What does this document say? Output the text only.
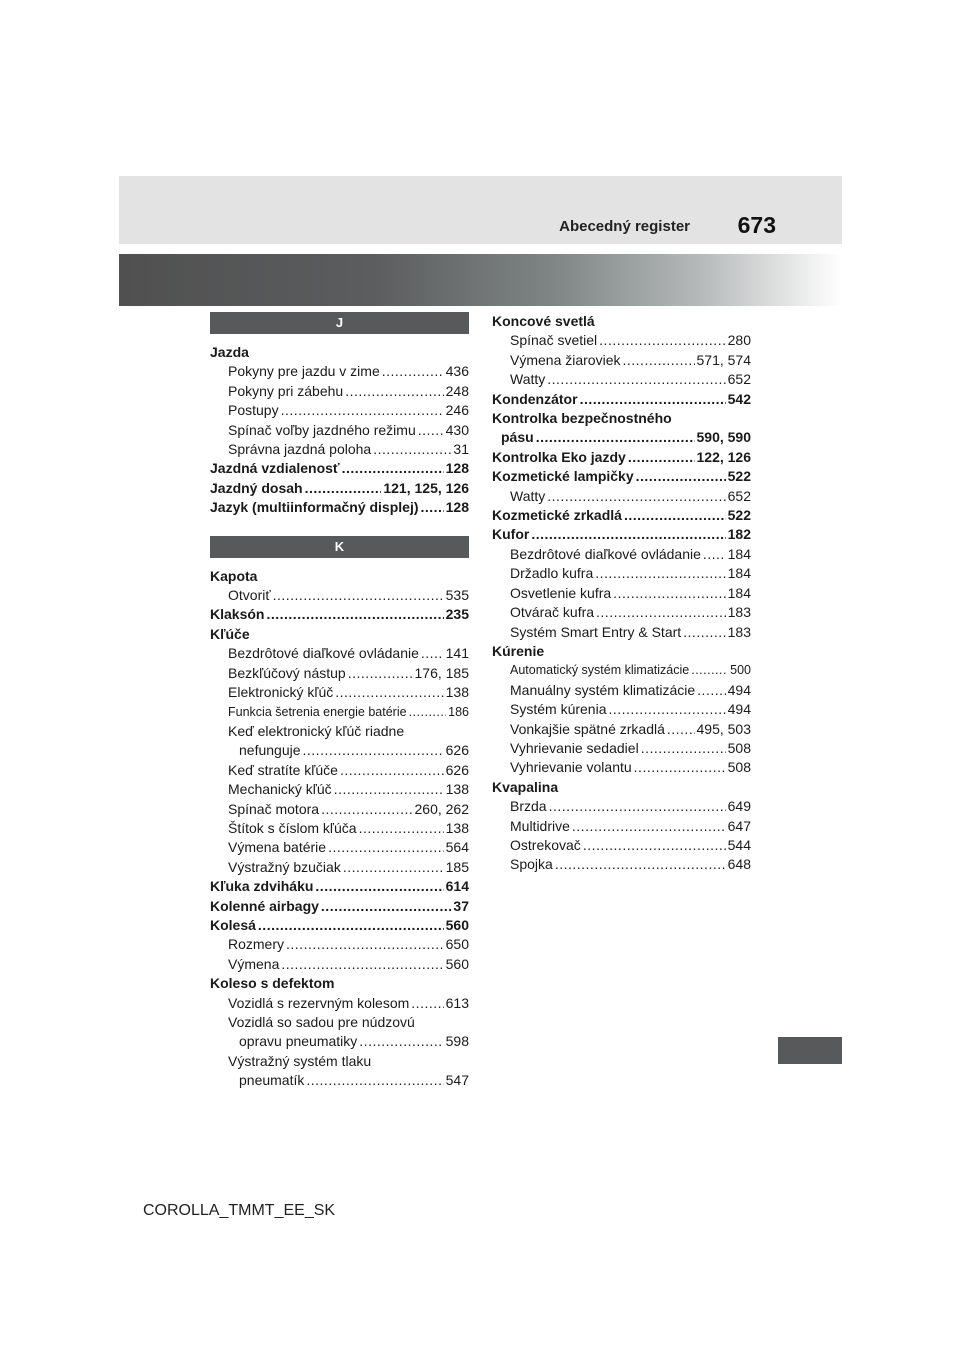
Abecedný register 673
J
Jazda
Pokyny pre jazdu v zime .....	436
Pokyny pri zábehu .....	248
Postupy .....	246
Spínač voľby jazdného režimu ..... 430
Správna jazdná poloha .....	31
Jazdná vzdialenosť .....	128
Jazdný dosah .....	121, 125, 126
Jazyk (multiinformačný displej) ..... 128
K
Kapota
Otvoriť .....	535
Klaksón .....	235
Kľúče
Bezdrôtové diaľkové ovládanie ..... 141
Bezkľúčový nástup .....	176, 185
Elektronický kľúč .....	138
Funkcia šetrenia energie batérie .....	186
Keď elektronický kľúč riadne
nefunguje .....	626
Keď stratíte kľúče .....	626
Mechanický kľúč .....	138
Spínač motora .....	260, 262
Štítok s číslom kľúča .....	138
Výmena batérie .....	564
Výstražný bzučiak .....	185
Kľuka zdviháku .....	614
Kolenné airbagy .....	37
Kolesá .....	560
Rozmery .....	650
Výmena .....	560
Koleso s defektom
Vozidlá s rezervným kolesom .....	613
Vozidlá so sadou pre núdzovú
opravu pneumatiky .....	598
Výstražný systém tlaku
pneumatík .....	547
Koncové svetlá
Spínač svetiel .....	280
Výmena žiaroviek .....	571, 574
Watty .....	652
Kondenzátor .....	542
Kontrolka bezpečnostného
pásu .....	590, 590
Kontrolka Eko jazdy .....	122, 126
Kozmetické lampičky .....	522
Watty .....	652
Kozmetické zrkadlá .....	522
Kufor .....	182
Bezdrôtové diaľkové ovládanie ..... 184
Držadlo kufra .....	184
Osvetlenie kufra .....	184
Otvárač kufra .....	183
Systém Smart Entry & Start .....	183
Kúrenie
Automatický systém klimatizácie .....	500
Manuálny systém klimatizácie ..... 494
Systém kúrenia .....	494
Vonkajšie spätné zrkadlá ..... 495, 503
Vyhrievanie sedadiel .....	508
Vyhrievanie volantu .....	508
Kvapalina
Brzda .....	649
Multidrive .....	647
Ostrekovač .....	544
Spojka .....	648
COROLLA_TMMT_EE_SK
